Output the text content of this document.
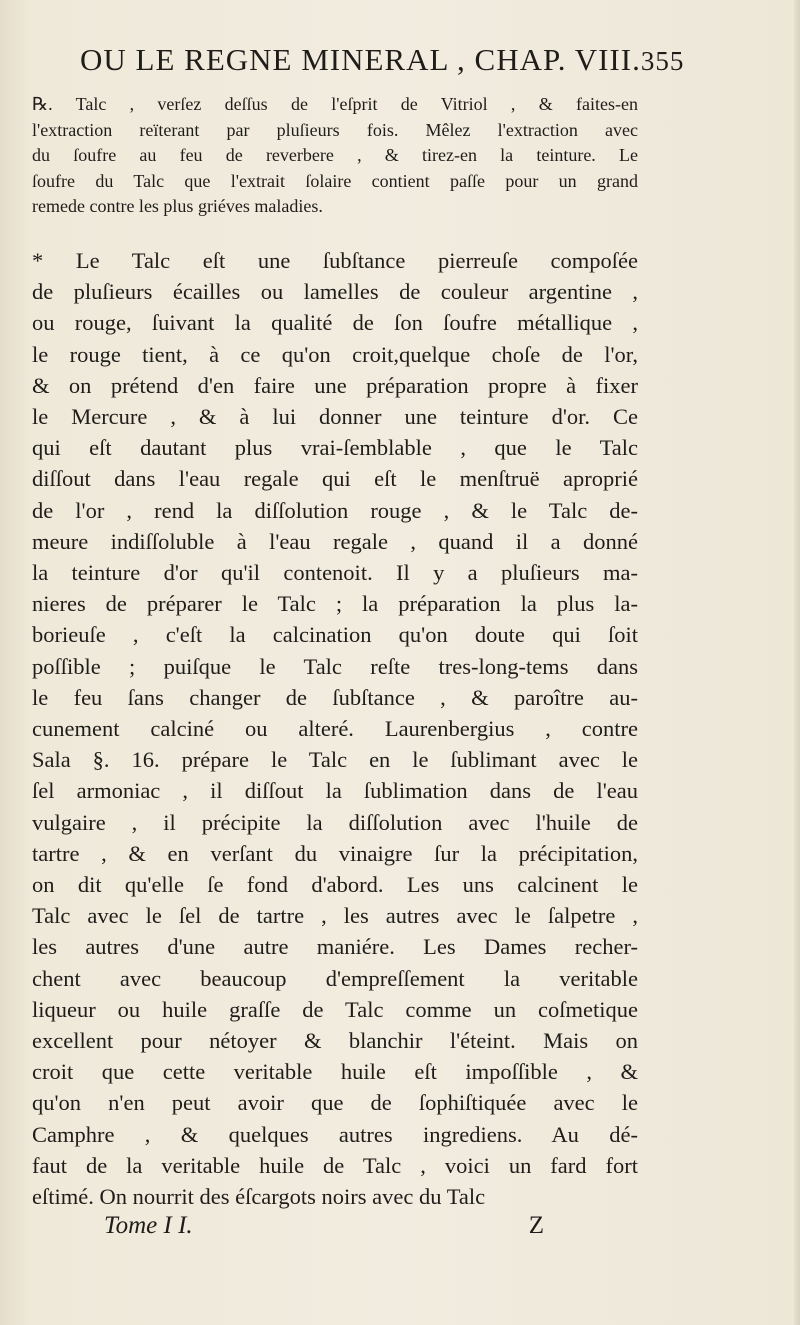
OU LE REGNE MINERAL , CHAP. VIII. 355
℞. Talc , verſez deſſus de l'eſprit de Vitriol , & faites-en
l'extraction reïterant par pluſieurs fois. Mêlez l'extraction avec
du ſoufre au feu de reverbere , & tirez-en la teinture. Le
ſoufre du Talc que l'extrait ſolaire contient paſſe pour un grand
remede contre les plus griéves maladies.
* Le Talc eſt une ſubſtance pierreuſe compoſée
de pluſieurs écailles ou lamelles de couleur argentine ,
ou rouge, ſuivant la qualité de ſon ſoufre métallique ,
le rouge tient, à ce qu'on croit,quelque choſe de l'or,
& on prétend d'en faire une préparation propre à fixer
le Mercure , & à lui donner une teinture d'or. Ce
qui eſt dautant plus vrai-ſemblable , que le Talc
diſſout dans l'eau regale qui eſt le menſtruë aproprié
de l'or , rend la diſſolution rouge , & le Talc de-
meure indiſſoluble à l'eau regale , quand il a donné
la teinture d'or qu'il contenoit. Il y a pluſieurs ma-
nieres de préparer le Talc ; la préparation la plus la-
borieuſe , c'eſt la calcination qu'on doute qui ſoit
poſſible ; puiſque le Talc reſte tres-long-tems dans
le feu ſans changer de ſubſtance , & paroître au-
cunement calciné ou alteré. Laurenbergius , contre
Sala §. 16. prépare le Talc en le ſublimant avec le
ſel armoniac , il diſſout la ſublimation dans de l'eau
vulgaire , il précipite la diſſolution avec l'huile de
tartre , & en verſant du vinaigre ſur la précipitation,
on dit qu'elle ſe fond d'abord. Les uns calcinent le
Talc avec le ſel de tartre , les autres avec le ſalpetre ,
les autres d'une autre maniére. Les Dames recher-
chent avec beaucoup d'empreſſement la veritable
liqueur ou huile graſſe de Talc comme un coſmetique
excellent pour nétoyer & blanchir l'éteint. Mais on
croit que cette veritable huile eſt impoſſible , &
qu'on n'en peut avoir que de ſophiſtiquée avec le
Camphre , & quelques autres ingrediens. Au dé-
faut de la veritable huile de Talc , voici un fard fort
eſtimé. On nourrit des éſcargots noirs avec du Talc
Tome I I.	Z
